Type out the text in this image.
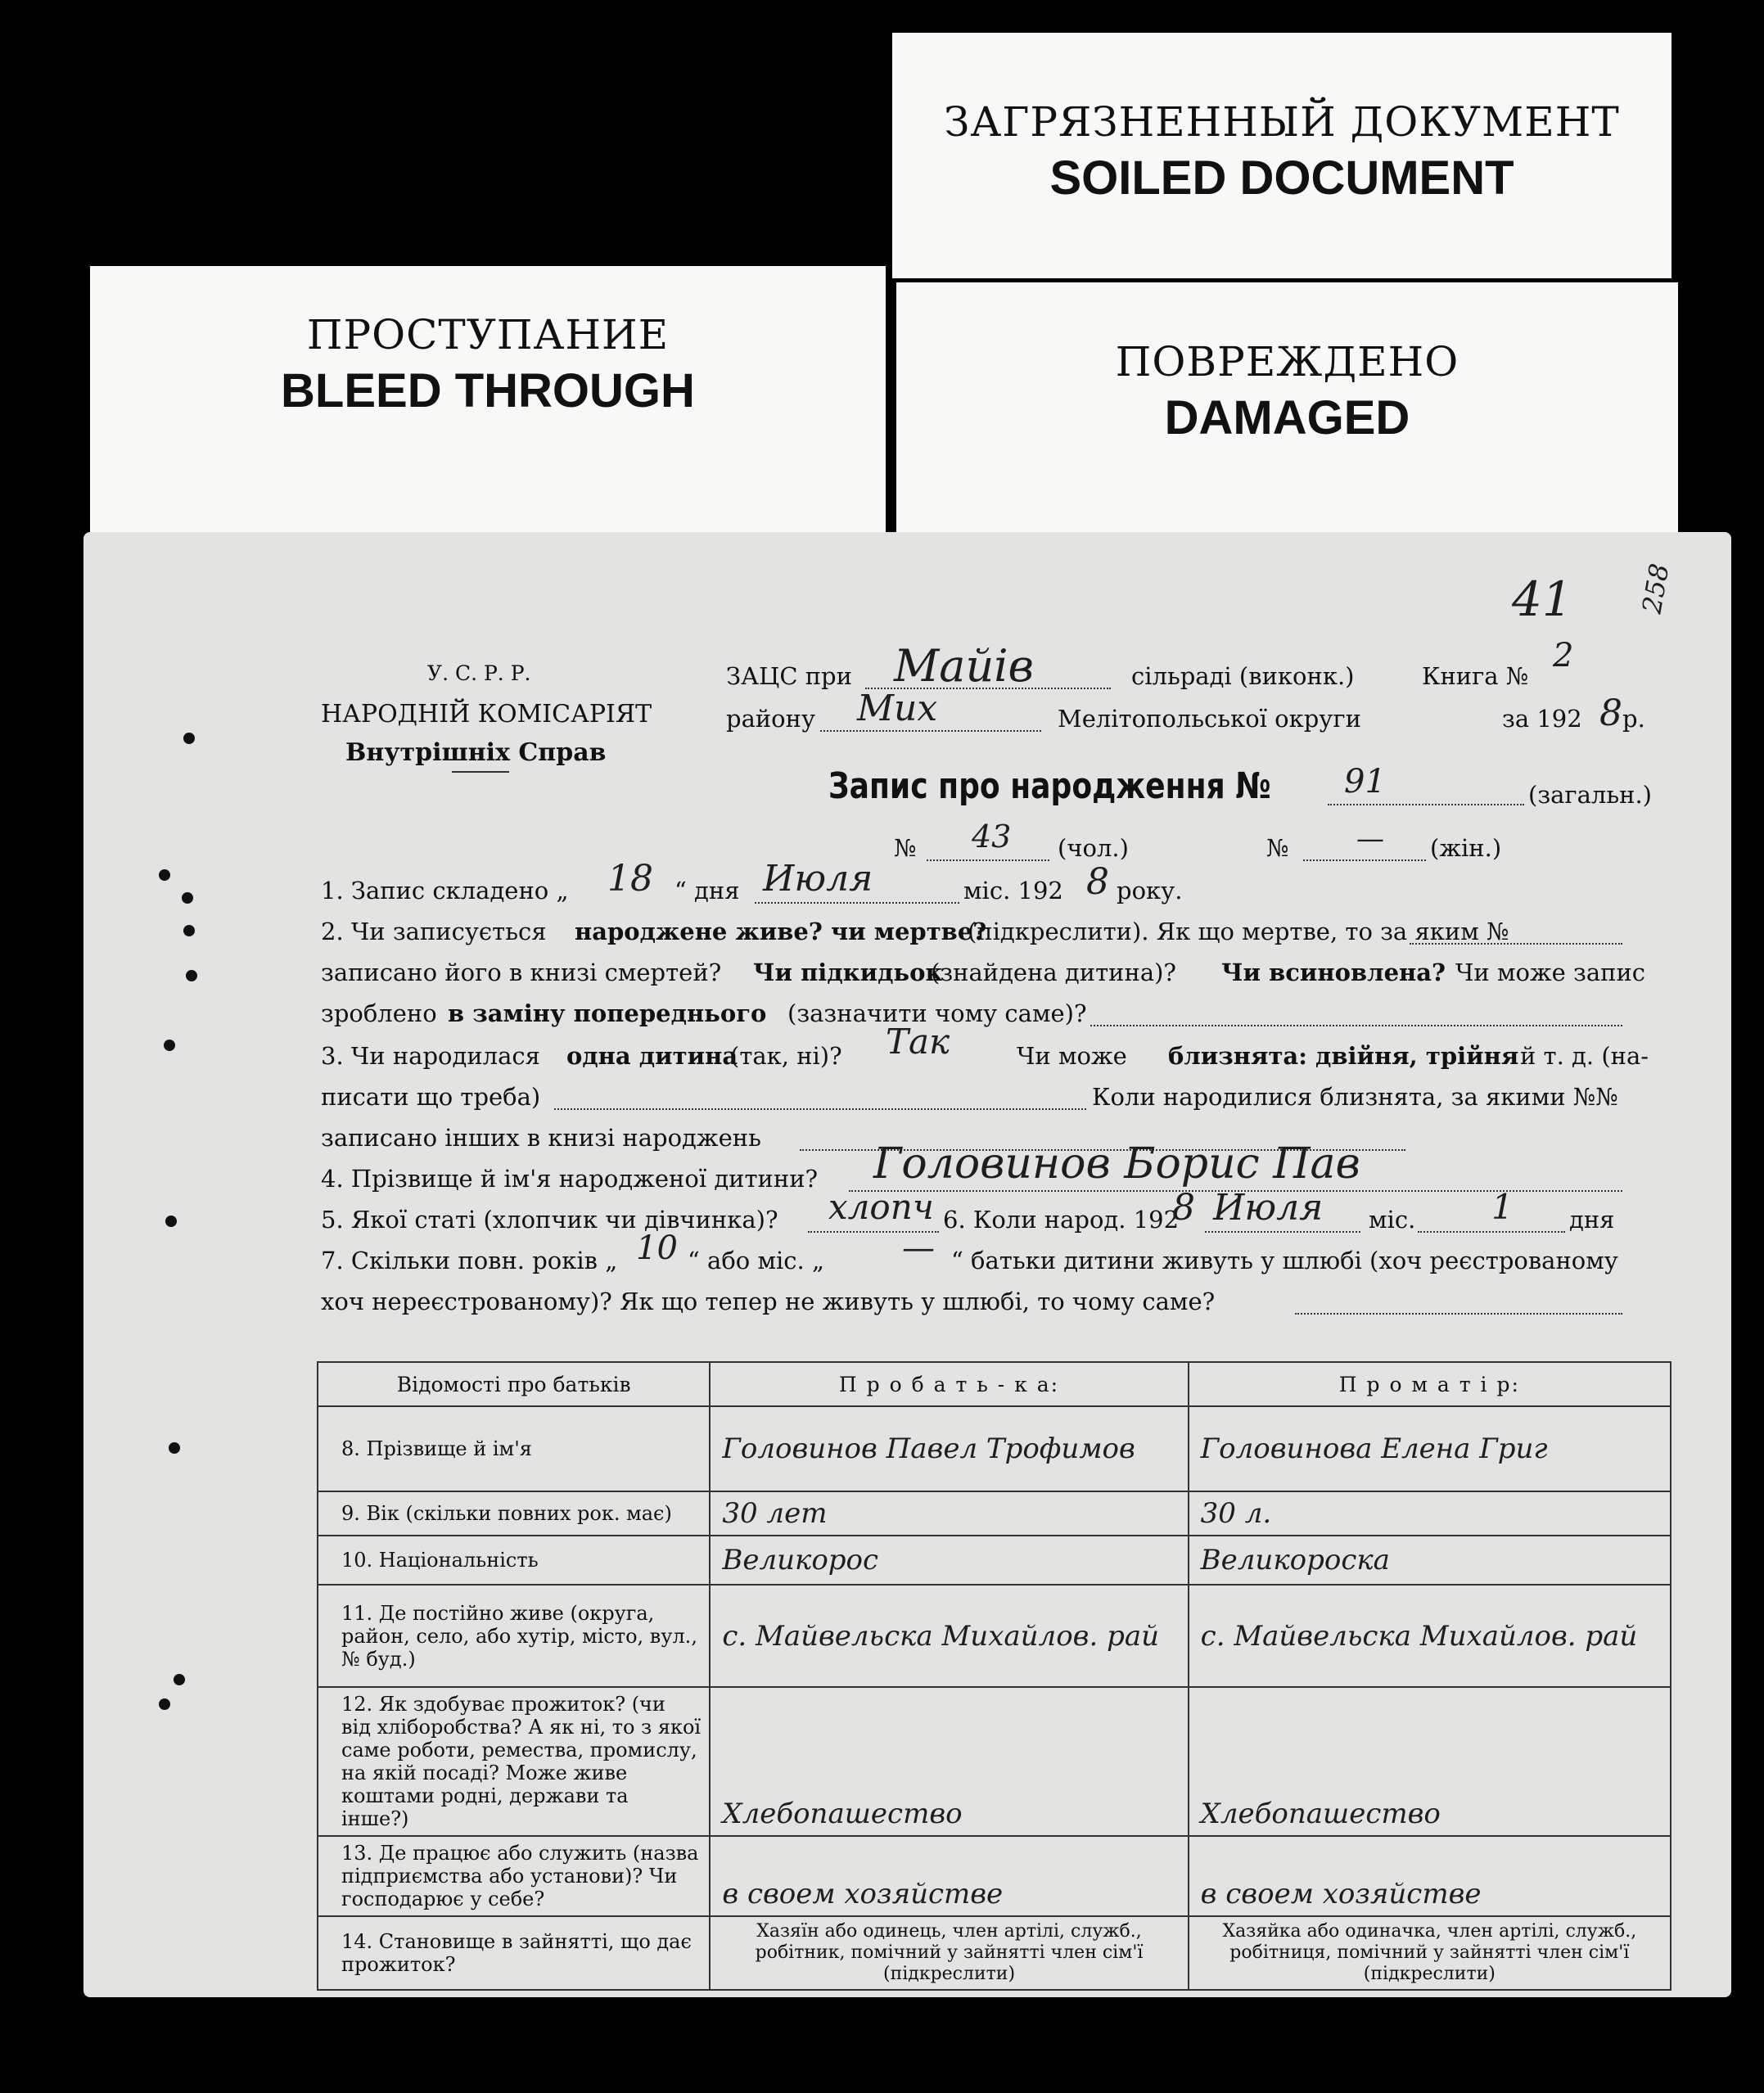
ЗАГРЯЗНЕННЫЙ ДОКУМЕНТ
SOILED DOCUMENT
ПРОСТУПАНИЕ
BLEED THROUGH
ПОВРЕЖДЕНО
DAMAGED
41 258
У. С. Р. Р.
НАРОДНІЙ КОМІСАРІЯТ
Внутрішніх Справ
ЗАЦС при Майів	сільраді (виконк.)	Книга №
2
району Мих	Мелітопольської округи	за 192 8 р.
Запис про народження № 91	(загальн.)
№ 43 (чол.)	№ — (жін.)
1. Запис складено „ 18 “ дня Июля	міс. 192 8 року.
2. Чи записується народжене живе? чи мертве?
(підкреслити). Як що мертве, то за яким №
записано його в книзі смертей? Чи підкидьок
(знайдена дитина)? Чи всиновлена? Чи може запис
зроблено в заміну попереднього (зазначити чому саме)?
3. Чи народилася одна дитина
(так, ні)? Так	Чи може близнята: двійня, трійня й т. д. (на-
писати що треба)	Коли народилися близнята, за якими №№
записано інших в книзі народжень
4. Прізвище й ім'я народженої дитини? Головинов Борис Пав
5. Якої статі (хлопчик чи дівчинка)? хлопч 6. Коли народ. 192
8 Июля міс. 1 дня
7. Скільки повн. років „ 10 “ або міс. „ — “ батьки дитини живуть у шлюбі (хоч реєстрованому
хоч нереєстрованому)? Як що тепер не живуть у шлюбі, то чому саме?
Відомості про батьків	П р о б а т ь - к а:	П р о м а т і р:
8. Прізвище й ім'я	Головинов Павел Трофимов	Головинова Елена Григ
9. Вік (скільки повних рок. має)	30 лет	30 л.
10. Національність	Великорос	Великороска
11. Де постійно живе (округа, район, село, або хутір, місто, вул., № буд.)	с. Майвельска Михайлов. рай	с. Майвельска Михайлов. рай
12. Як здобуває прожиток? (чи від хліборобства? А як ні, то з якої саме роботи, ремества, промислу, на якій посаді? Може живе коштами родні, держави та інше?)	Хлебопашество	Хлебопашество
13. Де працює або служить (назва підприємства або установи)? Чи господарює у себе?	в своем хозяйстве	в своем хозяйстве
14. Становище в зайнятті, що дає прожиток?	Хазяїн або одинець, член артілі, служб., робітник, помічний у зайнятті член сім'ї (підкреслити)	Хазяйка або одиначка, член артілі, служб., робітниця, помічний у зайнятті член сім'ї (підкреслити)
